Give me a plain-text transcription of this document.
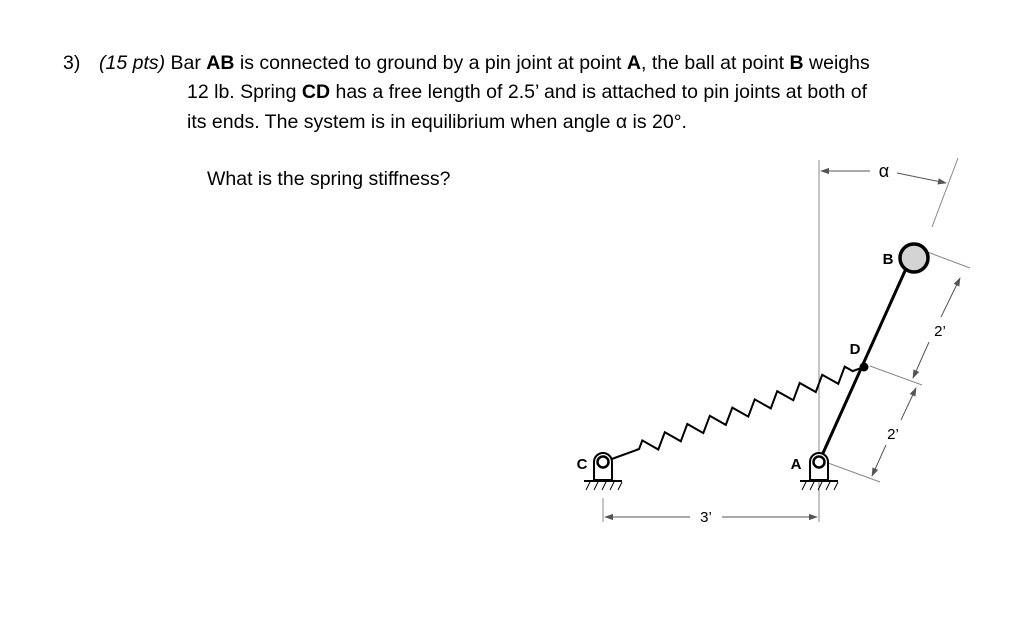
3) (15 pts) Bar AB is connected to ground by a pin joint at point A, the ball at point B weighs
12 lb. Spring CD has a free length of 2.5’ and is attached to pin joints at both of
its ends. The system is in equilibrium when angle α is 20°.
What is the spring stiffness?	α
3’
2’
2’
C	A
B
D
